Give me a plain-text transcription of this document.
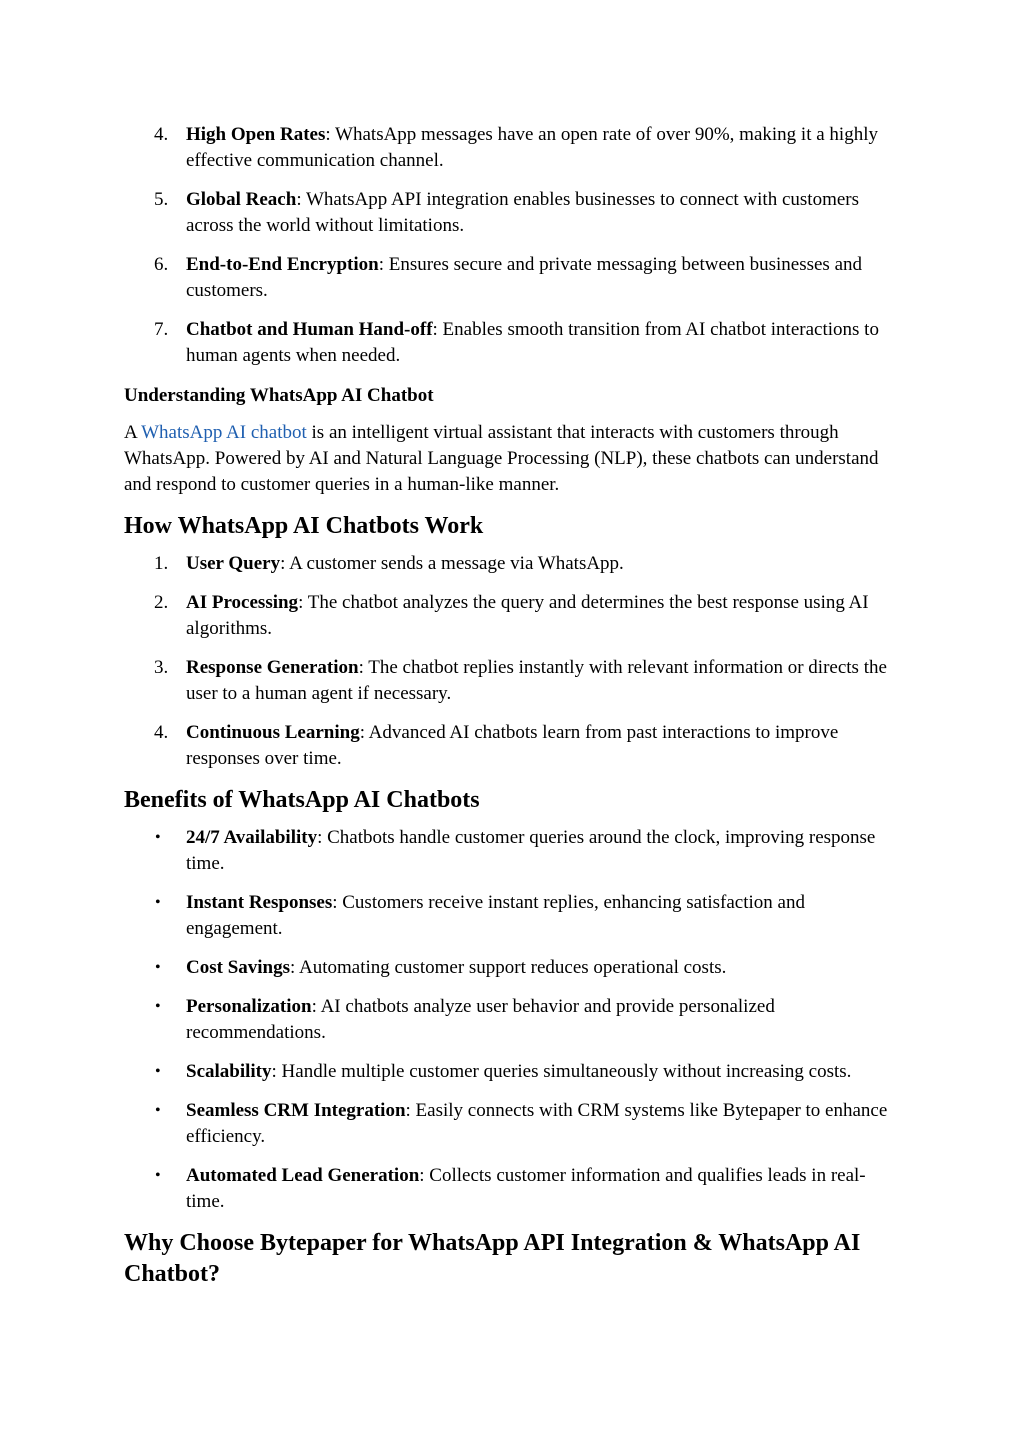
4. High Open Rates: WhatsApp messages have an open rate of over 90%, making it a highly effective communication channel.
5. Global Reach: WhatsApp API integration enables businesses to connect with customers across the world without limitations.
6. End-to-End Encryption: Ensures secure and private messaging between businesses and customers.
7. Chatbot and Human Hand-off: Enables smooth transition from AI chatbot interactions to human agents when needed.
Understanding WhatsApp AI Chatbot

A WhatsApp AI chatbot is an intelligent virtual assistant that interacts with customers through WhatsApp. Powered by AI and Natural Language Processing (NLP), these chatbots can understand and respond to customer queries in a human-like manner.

How WhatsApp AI Chatbots Work
1. User Query: A customer sends a message via WhatsApp.
2. AI Processing: The chatbot analyzes the query and determines the best response using AI algorithms.
3. Response Generation: The chatbot replies instantly with relevant information or directs the user to a human agent if necessary.
4. Continuous Learning: Advanced AI chatbots learn from past interactions to improve responses over time.
Benefits of WhatsApp AI Chatbots
• 24/7 Availability: Chatbots handle customer queries around the clock, improving response time.
• Instant Responses: Customers receive instant replies, enhancing satisfaction and engagement.
• Cost Savings: Automating customer support reduces operational costs.
• Personalization: AI chatbots analyze user behavior and provide personalized recommendations.
• Scalability: Handle multiple customer queries simultaneously without increasing costs.
• Seamless CRM Integration: Easily connects with CRM systems like Bytepaper to enhance efficiency.
• Automated Lead Generation: Collects customer information and qualifies leads in real-time.
Why Choose Bytepaper for WhatsApp API Integration & WhatsApp AI Chatbot?
